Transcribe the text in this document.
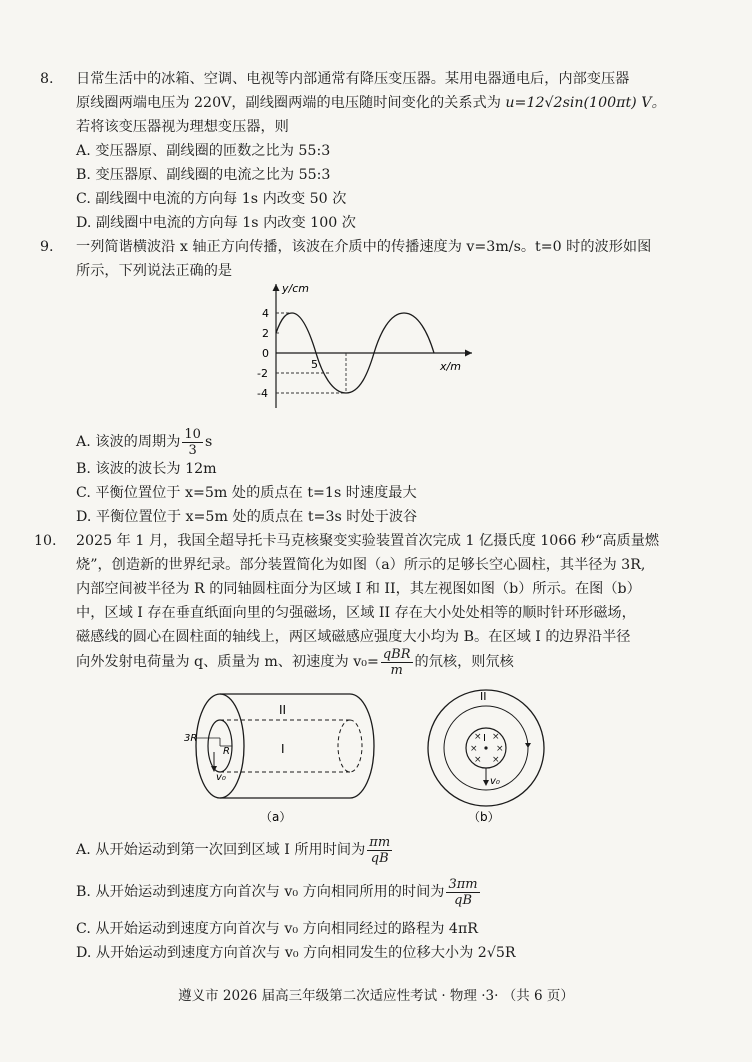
8. 日常生活中的冰箱、空调、电视等内部通常有降压变压器。某用电器通电后，内部变压器
原线圈两端电压为 220V，副线圈两端的电压随时间变化的关系式为 u=12√2sin(100πt) V。
若将该变压器视为理想变压器，则
A. 变压器原、副线圈的匝数之比为 55:3
B. 变压器原、副线圈的电流之比为 55:3
C. 副线圈中电流的方向每 1s 内改变 50 次
D. 副线圈中电流的方向每 1s 内改变 100 次
9. 一列简谐横波沿 x 轴正方向传播，该波在介质中的传播速度为 v=3m/s。t=0 时的波形如图
所示，下列说法正确的是
y/cm
x/m
4
2
0
-2
-4
5
A. 该波的周期为 $\frac{10}{3}$ s
B. 该波的波长为 12m
C. 平衡位置位于 x=5m 处的质点在 t=1s 时速度最大
D. 平衡位置位于 x=5m 处的质点在 t=3s 时处于波谷
10. 2025 年 1 月，我国全超导托卡马克核聚变实验装置首次完成 1 亿摄氏度 1066 秒“高质量燃
烧”，创造新的世界纪录。部分装置简化为如图（a）所示的足够长空心圆柱，其半径为 3R,
内部空间被半径为 R 的同轴圆柱面分为区域 I 和 II，其左视图如图（b）所示。在图（b）
中，区域 I 存在垂直纸面向里的匀强磁场，区域 II 存在大小处处相等的顺时针环形磁场，
磁感线的圆心在圆柱面的轴线上，两区域磁感应强度大小均为 B。在区域 I 的边界沿半径
向外发射电荷量为 q、质量为 m、初速度为 $v_0= \frac{\text{qBR}}{m}$ 的氘核，则氘核
II
I
3R
R
v₀
（a）
× ×
× ×
× ×
II
I
v₀
（b）
A. 从开始运动到第一次回到区域 I 所用时间为 $\frac{\pi m}{qB}$
B. 从开始运动到速度方向首次与 v₀ 方向相同所用的时间为 $\frac{3\pi m}{qB}$
C. 从开始运动到速度方向首次与 v₀ 方向相同经过的路程为 4πR
D. 从开始运动到速度方向首次与 v₀ 方向相同发生的位移大小为 2√5R
遵义市 2026 届高三年级第二次适应性考试 · 物理 ·3· （共 6 页）
